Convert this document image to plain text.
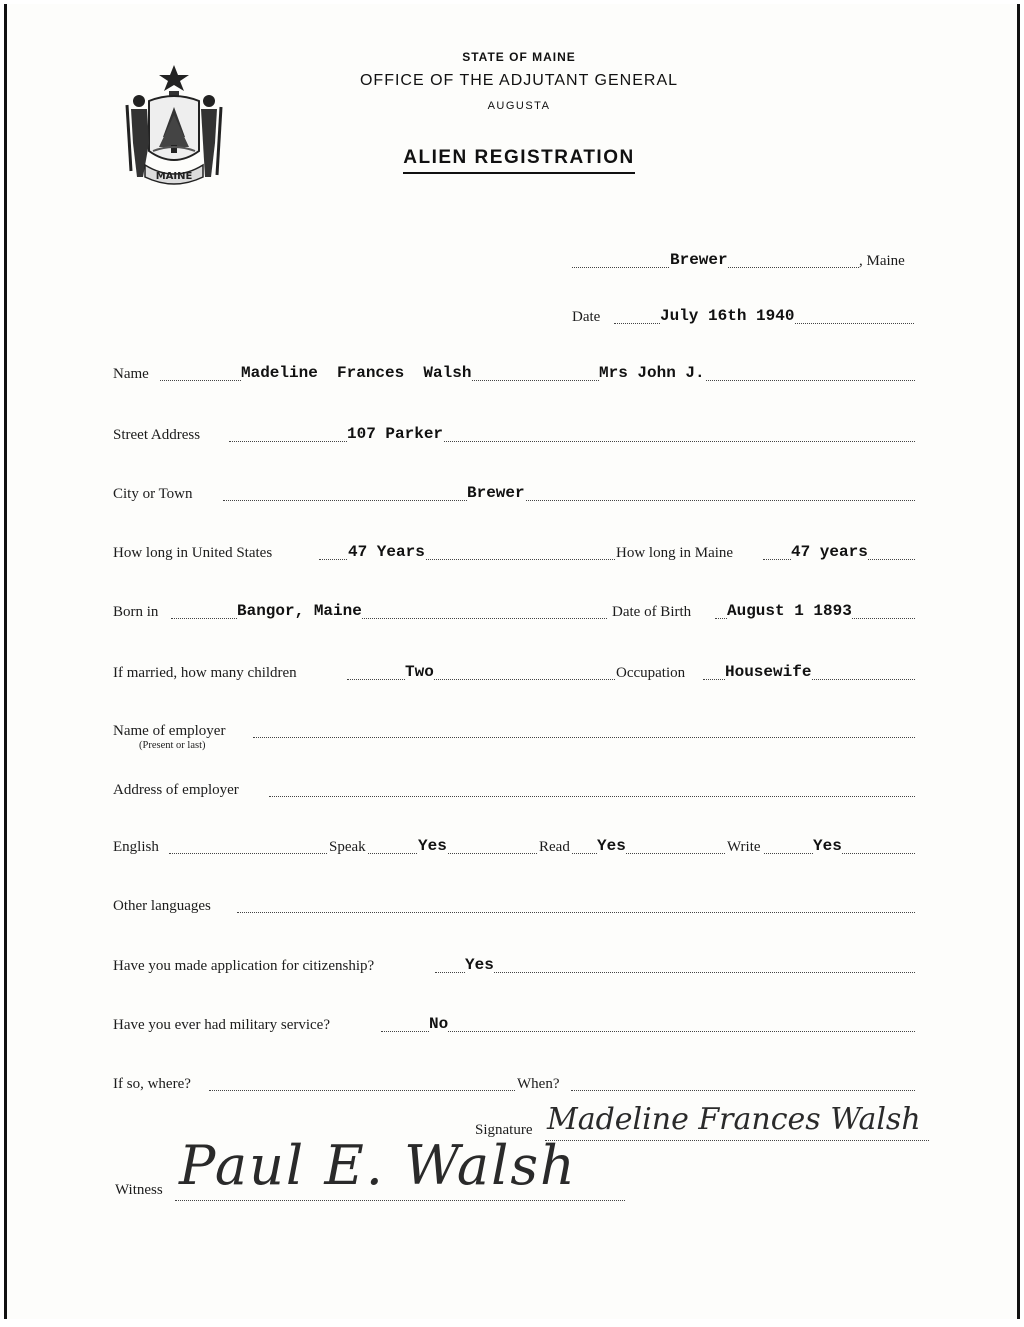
MAINE
STATE OF MAINE
OFFICE OF THE ADJUTANT GENERAL
AUGUSTA
ALIEN REGISTRATION
Brewer	, Maine
Date	July 16th 1940
Name	Madeline  Frances  Walsh	Mrs John J.
Street Address	107 Parker
City or Town	Brewer
How long in United States	47 Years	How long in Maine	47 years
Born in	Bangor, Maine	Date of Birth August 1 1893
If married, how many children	Two	Occupation Housewife
Name of employer
(Present or last)
Address of employer
English	Speak	Yes	Read Yes	Write	Yes
Other languages
Have you made application for citizenship?	Yes
Have you ever had military service?	No
If so, where?	When?
Signature Madeline Frances Walsh
Witness Paul E. Walsh
